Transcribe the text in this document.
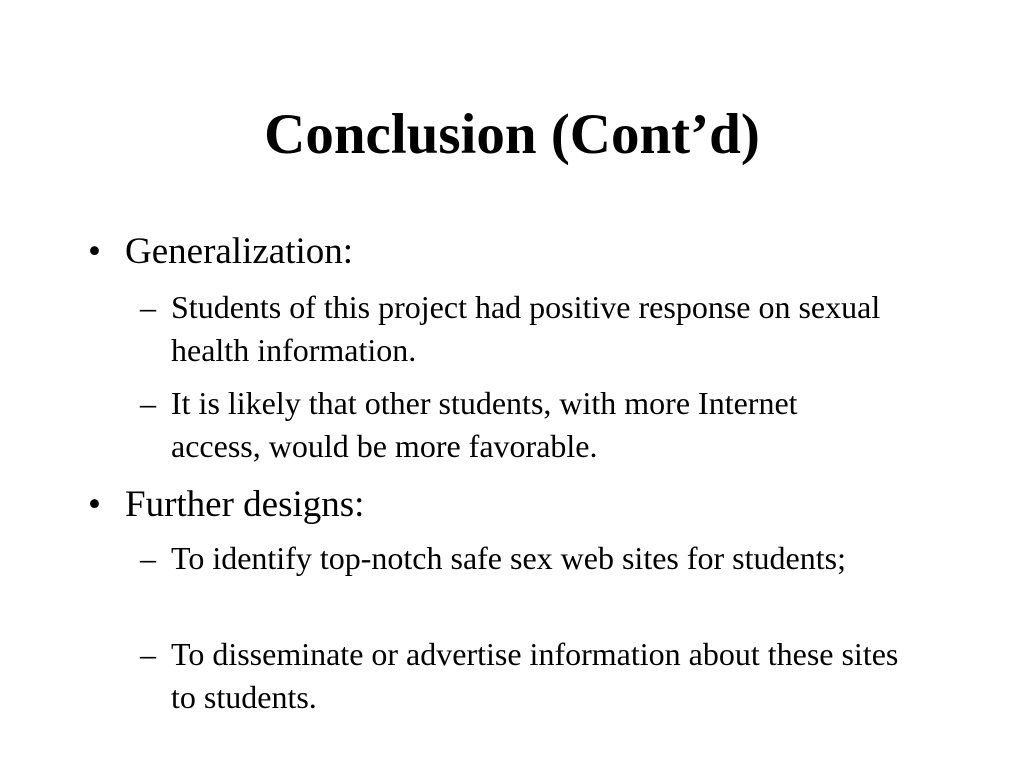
Conclusion (Cont’d)
• Generalization:
– Students of this project had positive response on sexual health information.
– It is likely that other students, with more Internet access, would be more favorable.
• Further designs:
– To identify top-notch safe sex web sites for students;
– To disseminate or advertise information about these sites to students.
